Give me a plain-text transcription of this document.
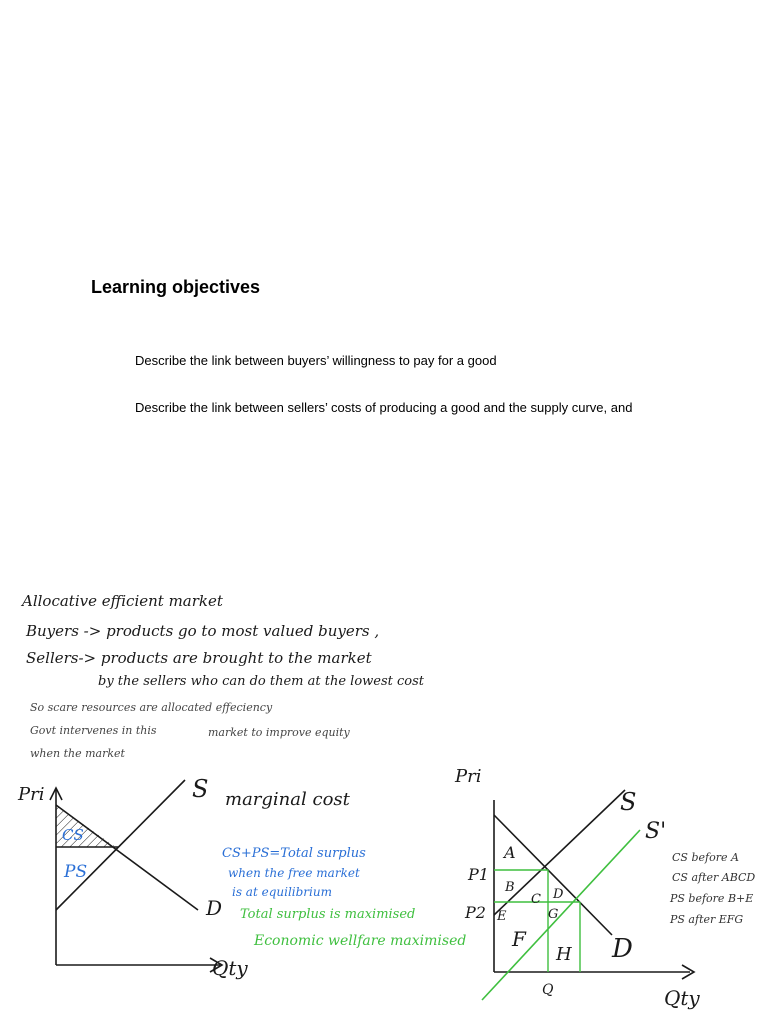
Learning objectives
Describe the link between buyers’ willingness to pay for a good
Describe the link between sellers’ costs of producing a good and the supply curve, and
Allocative efficient market
Buyers -> products go to most valued buyers ,
Sellers-> products are brought to the market
by the sellers who can do them at the lowest cost
So scare resources are allocated effeciency
Govt intervenes in this	market to improve equity
when the market
Pri
Qty
S marginal cost
D
CS
PS
CS+PS=Total surplus
when the free market
is at equilibrium
Total surplus is maximised
Economic wellfare maximised
Pri
Qty
S
S'
D
P1
P2
Q
A
B
C D
E
F
G
H
CS before A
CS after ABCD
PS before B+E
PS after EFG
